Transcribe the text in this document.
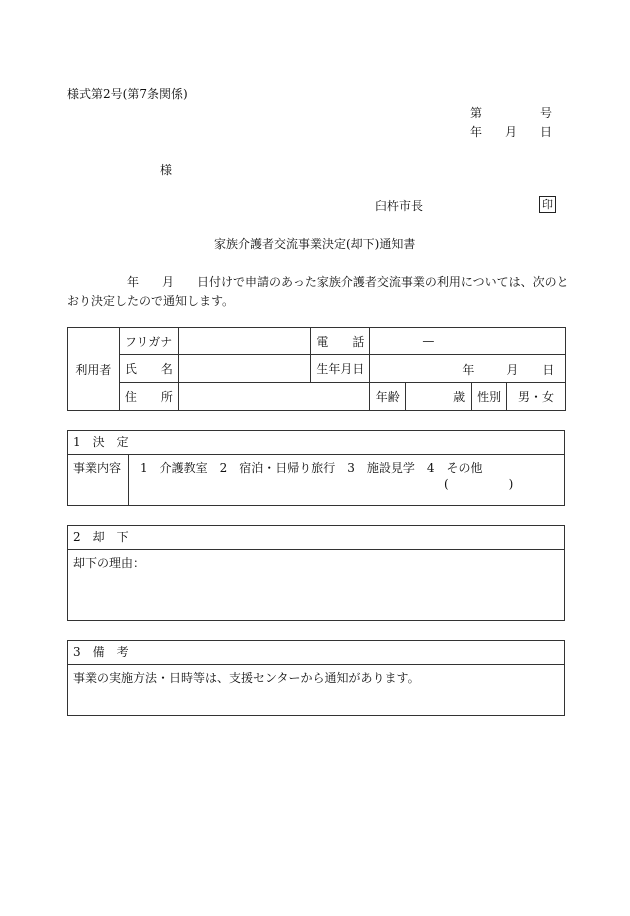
様式第2号(第7条関係)
第	号
年 月 日
様
臼杵市長	印
家族介護者交流事業決定(却下)通知書
年 月 日付けで申請のあった家族介護者交流事業の利用については、次のと
おり決定したので通知します。
利用者	フリガナ		電　　話	—			
	氏　　名		生年月日	年 月 日			

	住　　所			年齢	歳	性別	男・女
1　決　定
事業内容 1　介護教室　2　宿泊・日帰り旅行　3　施設見学　4　その他
(　　　　　)
2　却　下
却下の理由：
3　備　考
事業の実施方法・日時等は、支援センターから通知があります。
